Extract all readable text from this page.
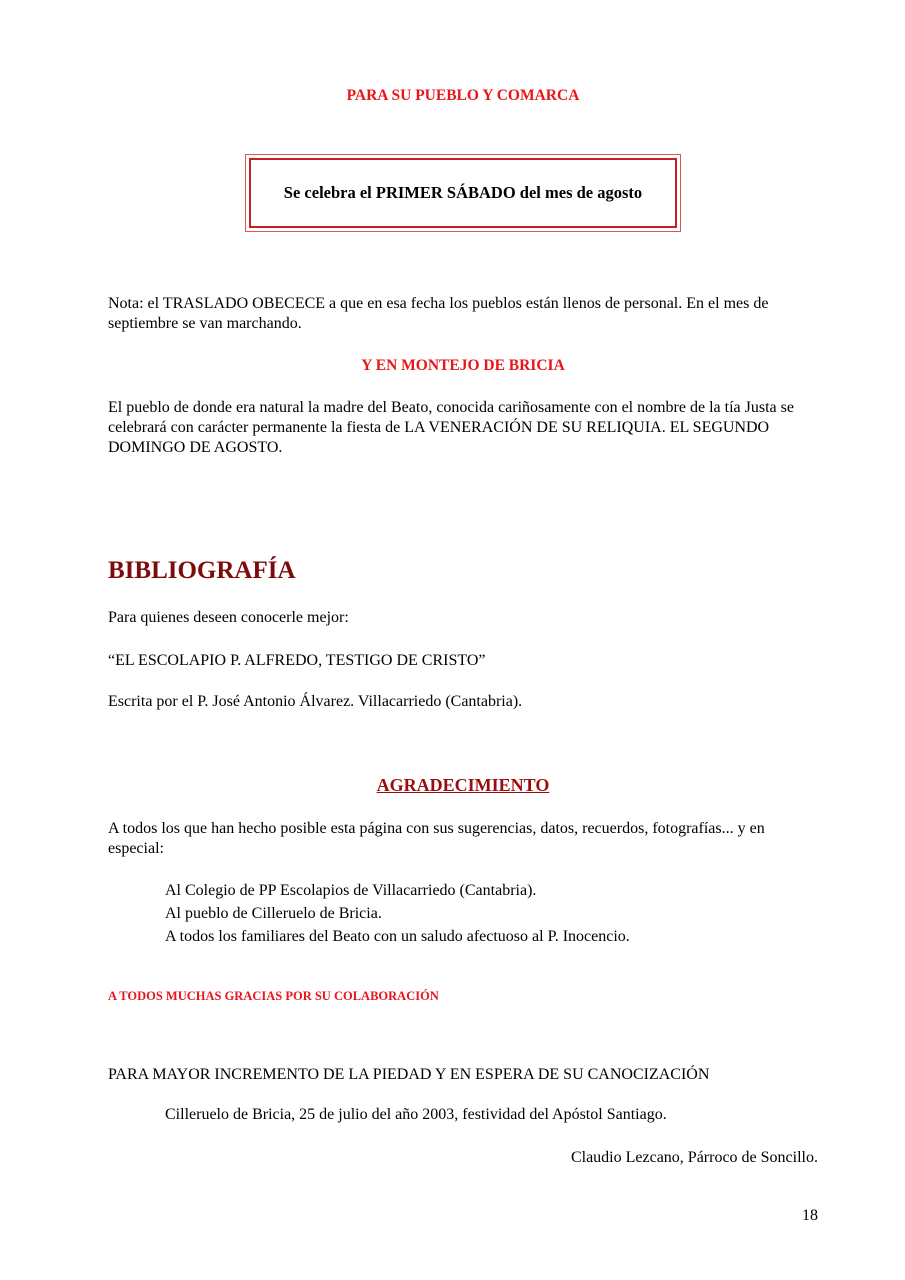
PARA SU PUEBLO Y COMARCA
Se celebra el PRIMER SÁBADO del mes de agosto
Nota: el TRASLADO OBECECE a que en esa fecha los pueblos están llenos de personal. En el mes de septiembre se van marchando.
Y EN MONTEJO DE BRICIA
El pueblo de donde era natural la madre del Beato, conocida cariñosamente con el nombre de la tía Justa se celebrará con carácter permanente la fiesta de LA VENERACIÓN DE SU RELIQUIA. EL SEGUNDO DOMINGO DE AGOSTO.
BIBLIOGRAFÍA
Para quienes deseen conocerle mejor:
“EL ESCOLAPIO P. ALFREDO, TESTIGO DE CRISTO”
Escrita por el P. José Antonio Álvarez. Villacarriedo (Cantabria).
AGRADECIMIENTO
A todos los que han hecho posible esta página con sus sugerencias, datos, recuerdos, fotografías... y en especial:
Al Colegio de PP Escolapios de Villacarriedo (Cantabria).
Al pueblo de Cilleruelo de Bricia.
A todos los familiares del Beato con un saludo afectuoso al P. Inocencio.
A TODOS MUCHAS GRACIAS POR SU COLABORACIÓN
PARA MAYOR INCREMENTO DE LA PIEDAD Y EN ESPERA DE SU CANOCIZACIÓN
Cilleruelo de Bricia, 25 de julio del año 2003, festividad del Apóstol Santiago.
Claudio Lezcano, Párroco de Soncillo.
18
